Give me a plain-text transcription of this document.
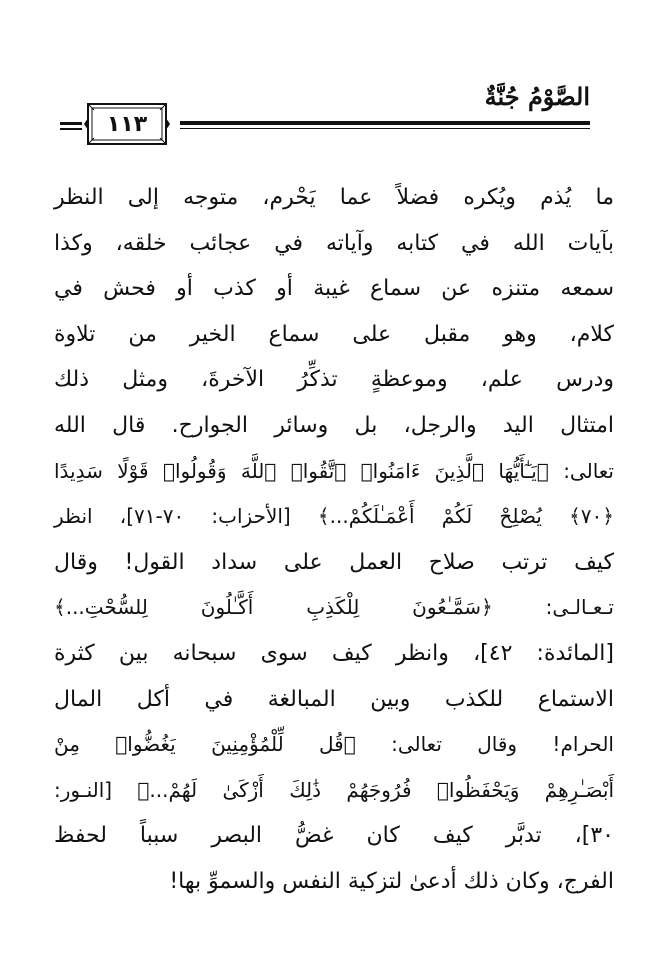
الصَّوْمُ جُنَّةٌ
١١٣
ما يُذم ويُكره فضلاً عما يَحْرم، متوجه إلى النظر
بآيات الله في كتابه وآياته في عجائب خلقه، وكذا
سمعه متنزه عن سماع غيبة أو كذب أو فحش في
كلام، وهو مقبل على سماع الخير من تلاوة
ودرس علم، وموعظةٍ تذكِّرُ الآخرةَ، ومثل ذلك
امتثال اليد والرجل، بل وسائر الجوارح. قال الله
تعالى: ﴿يَـٰٓأَيُّهَا ٱلَّذِينَ ءَامَنُوا۟ ٱتَّقُوا۟ ٱللَّهَ وَقُولُوا۟ قَوْلًا سَدِيدًا
﴿٧٠﴾ يُصْلِحْ لَكُمْ أَعْمَـٰلَكُمْ...﴾ [الأحزاب: ٧٠-٧١]، انظر
كيف ترتب صلاح العمل على سداد القول! وقال
تـعـالـى: ﴿سَمَّـٰعُونَ لِلْكَذِبِ أَكَّـٰلُونَ لِلسُّحْتِ...﴾
[المائدة: ٤٢]، وانظر كيف سوى سبحانه بين كثرة
الاستماع للكذب وبين المبالغة في أكل المال
الحرام! وقال تعالى: ﴿قُل لِّلْمُؤْمِنِينَ يَغُضُّوا۟ مِنْ
أَبْصَـٰرِهِمْ وَيَحْفَظُوا۟ فُرُوجَهُمْ ذَٰلِكَ أَزْكَىٰ لَهُمْ...﴾ [النـور:
٣٠]، تدبَّر كيف كان غضُّ البصر سبباً لحفظ
الفرج، وكان ذلك أدعىٰ لتزكية النفس والسموِّ بها!
